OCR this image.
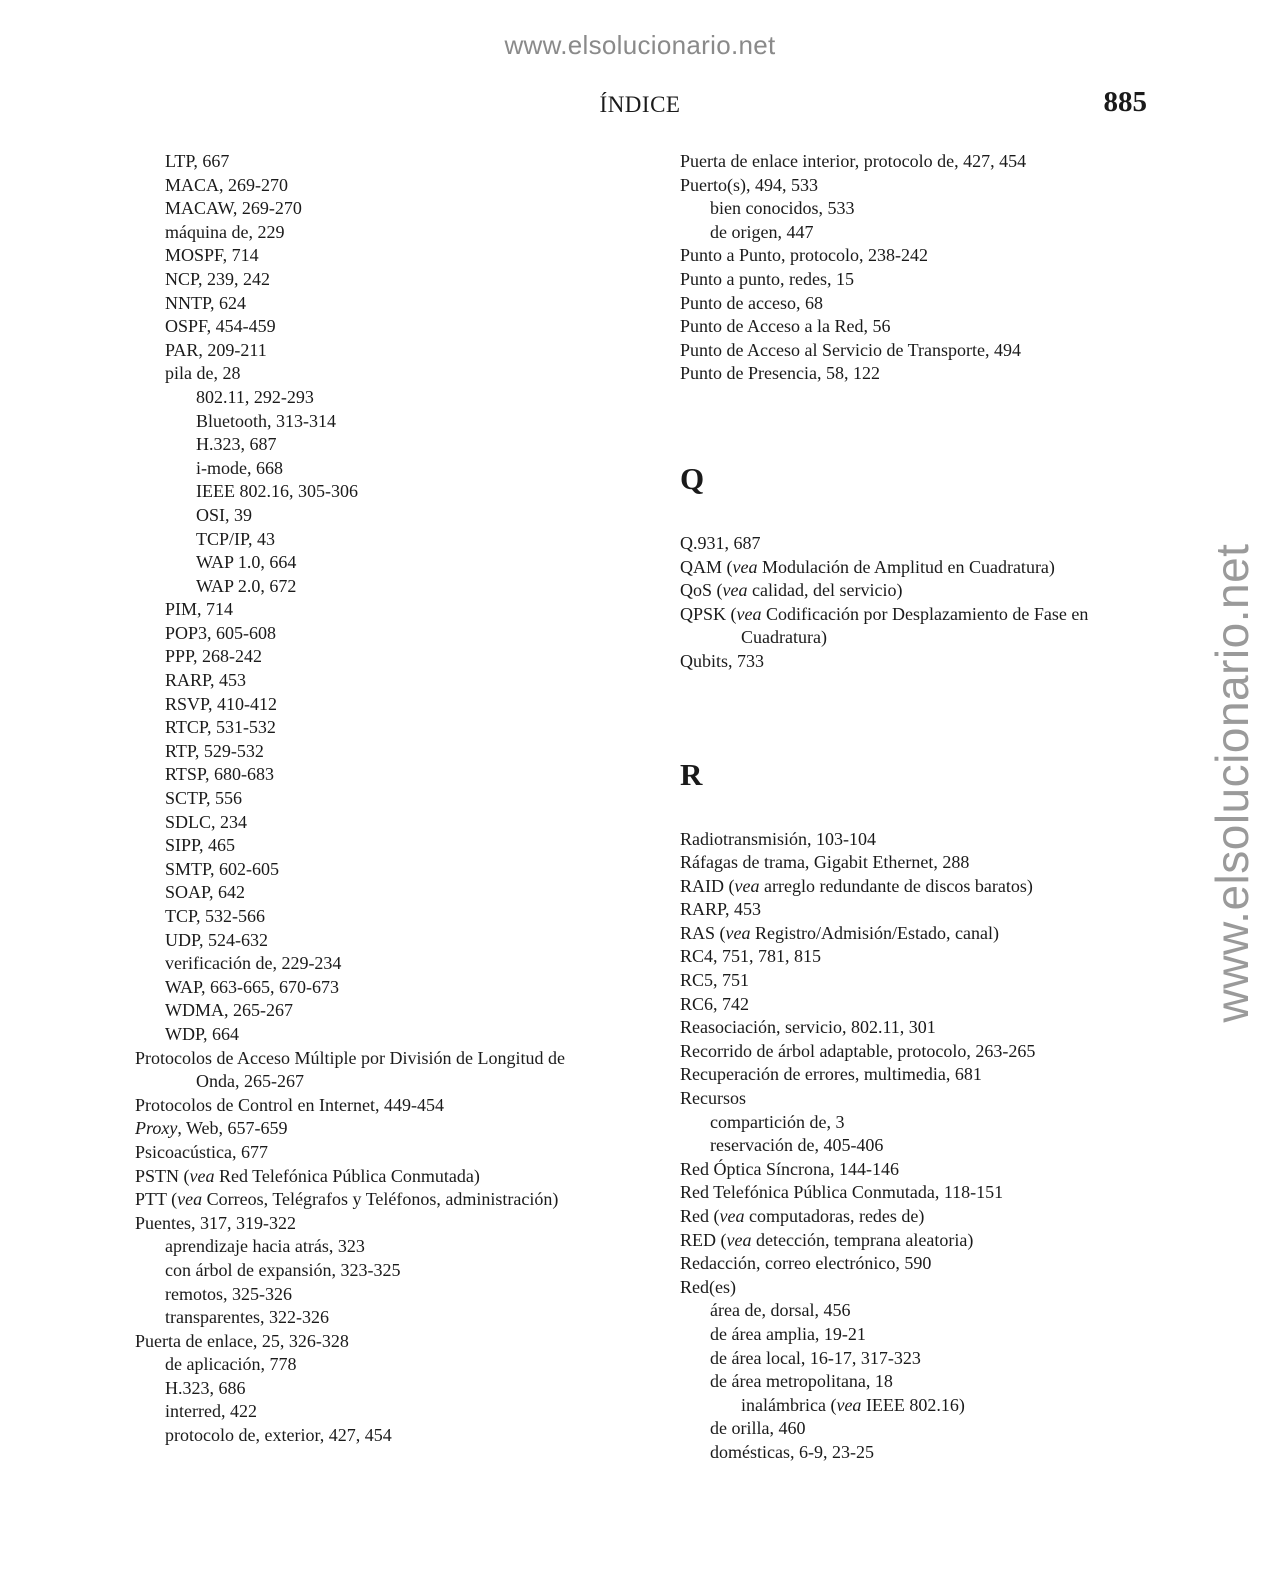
www.elsolucionario.net
www.elsolucionario.net
ÍNDICE	885

LTP, 667

MACA, 269-270

MACAW, 269-270

máquina de, 229

MOSPF, 714

NCP, 239, 242

NNTP, 624

OSPF, 454-459

PAR, 209-211

pila de, 28

802.11, 292-293

Bluetooth, 313-314

H.323, 687

i-mode, 668

IEEE 802.16, 305-306

OSI, 39

TCP/IP, 43

WAP 1.0, 664

WAP 2.0, 672

PIM, 714

POP3, 605-608

PPP, 268-242

RARP, 453

RSVP, 410-412

RTCP, 531-532

RTP, 529-532

RTSP, 680-683

SCTP, 556

SDLC, 234

SIPP, 465

SMTP, 602-605

SOAP, 642

TCP, 532-566

UDP, 524-632

verificación de, 229-234

WAP, 663-665, 670-673

WDMA, 265-267

WDP, 664

Protocolos de Acceso Múltiple por División de Longitud de

Onda, 265-267

Protocolos de Control en Internet, 449-454

Proxy, Web, 657-659

Psicoacústica, 677

PSTN (vea Red Telefónica Pública Conmutada)

PTT (vea Correos, Telégrafos y Teléfonos, administración)

Puentes, 317, 319-322

aprendizaje hacia atrás, 323

con árbol de expansión, 323-325

remotos, 325-326

transparentes, 322-326

Puerta de enlace, 25, 326-328

de aplicación, 778

H.323, 686

interred, 422

protocolo de, exterior, 427, 454

Puerta de enlace interior, protocolo de, 427, 454

Puerto(s), 494, 533

bien conocidos, 533

de origen, 447

Punto a Punto, protocolo, 238-242

Punto a punto, redes, 15

Punto de acceso, 68

Punto de Acceso a la Red, 56

Punto de Acceso al Servicio de Transporte, 494

Punto de Presencia, 58, 122

Q

Q.931, 687

QAM (vea Modulación de Amplitud en Cuadratura)

QoS (vea calidad, del servicio)

QPSK (vea Codificación por Desplazamiento de Fase en

Cuadratura)

Qubits, 733

R

Radiotransmisión, 103-104

Ráfagas de trama, Gigabit Ethernet, 288

RAID (vea arreglo redundante de discos baratos)

RARP, 453

RAS (vea Registro/Admisión/Estado, canal)

RC4, 751, 781, 815

RC5, 751

RC6, 742

Reasociación, servicio, 802.11, 301

Recorrido de árbol adaptable, protocolo, 263-265

Recuperación de errores, multimedia, 681

Recursos

compartición de, 3

reservación de, 405-406

Red Óptica Síncrona, 144-146

Red Telefónica Pública Conmutada, 118-151

Red (vea computadoras, redes de)

RED (vea detección, temprana aleatoria)

Redacción, correo electrónico, 590

Red(es)

área de, dorsal, 456

de área amplia, 19-21

de área local, 16-17, 317-323

de área metropolitana, 18

inalámbrica (vea IEEE 802.16)

de orilla, 460

domésticas, 6-9, 23-25
